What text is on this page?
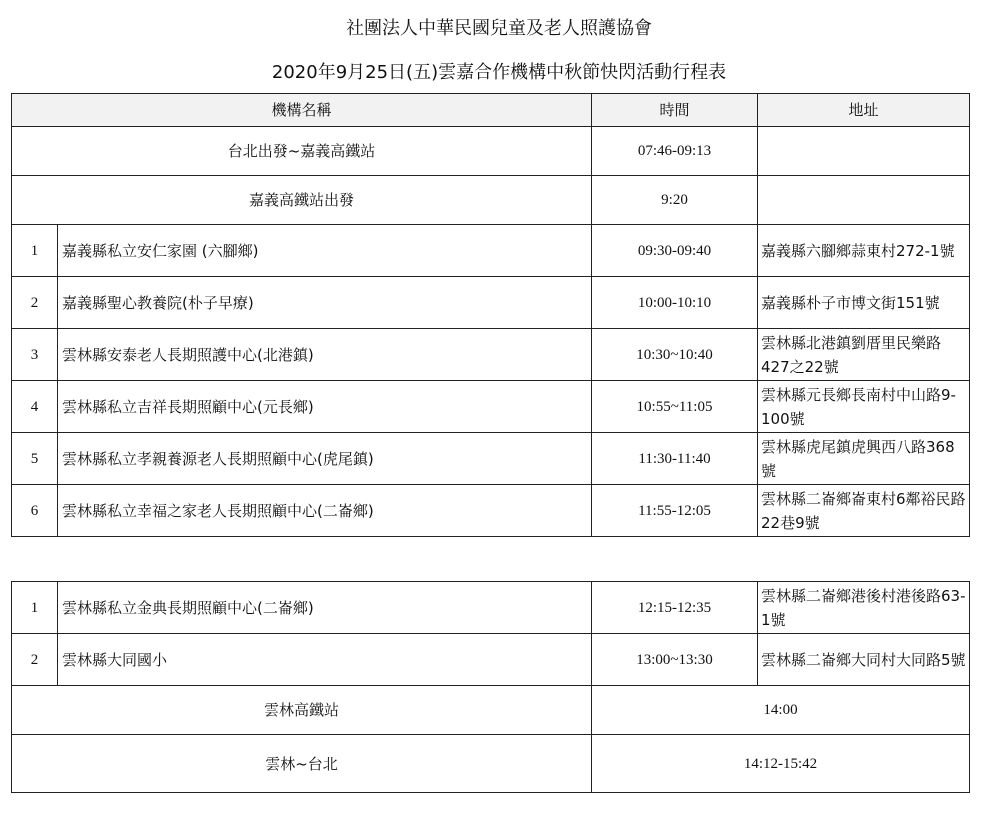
社團法人中華民國兒童及老人照護協會
2020年9月25日(五)雲嘉合作機構中秋節快閃活動行程表
機構名稱		時間	地址
台北出發~嘉義高鐵站		07:46-09:13	
嘉義高鐵站出發		9:20	
1	嘉義縣私立安仁家園 (六腳鄉)	09:30-09:40	嘉義縣六腳鄉蒜東村272-1號
2	嘉義縣聖心教養院(朴子早療)	10:00-10:10	嘉義縣朴子市博文街151號
3	雲林縣安泰老人長期照護中心(北港鎮)	10:30~10:40	雲林縣北港鎮劉厝里民樂路427之22號
4	雲林縣私立吉祥長期照顧中心(元長鄉)	10:55~11:05	雲林縣元長鄉長南村中山路9-100號
5	雲林縣私立孝親養源老人長期照顧中心(虎尾鎮)	11:30-11:40	雲林縣虎尾鎮虎興西八路368號
6	雲林縣私立幸福之家老人長期照顧中心(二崙鄉)	11:55-12:05	雲林縣二崙鄉崙東村6鄰裕民路22巷9號
1	雲林縣私立金典長期照顧中心(二崙鄉)	12:15-12:35	雲林縣二崙鄉港後村港後路63-1號
2	雲林縣大同國小	13:00~13:30	雲林縣二崙鄉大同村大同路5號
雲林高鐵站		14:00	
雲林~台北		14:12-15:42	
